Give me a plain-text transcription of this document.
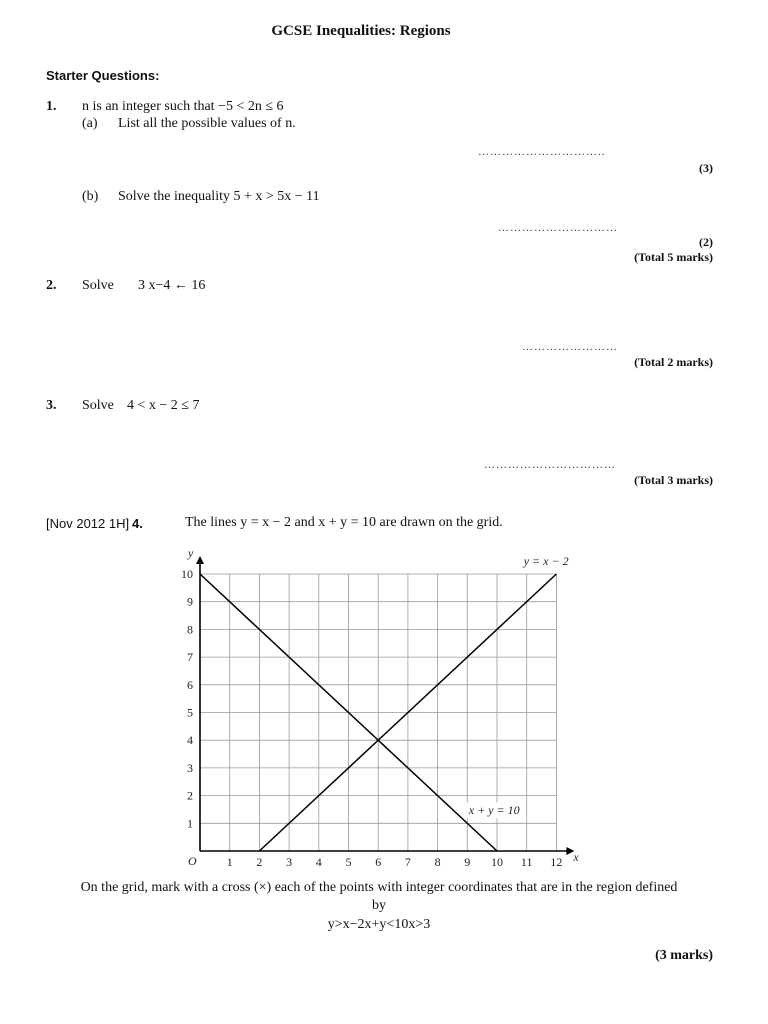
GCSE Inequalities: Regions
Starter Questions:
1. n is an integer such that −5 < 2n ≤ 6
(a) List all the possible values of n.
…………………………..
(3)
(b) Solve the inequality 5 + x > 5x − 11
…………………………
(2)
(Total 5 marks)
2. Solve 3 x−4 ← 16
……………………
(Total 2 marks)
3. Solve 4 < x − 2 ≤ 7
……………………………
(Total 3 marks)
[Nov 2012 1H] 4.	The lines y = x − 2 and x + y = 10 are drawn on the grid.
x
y
O	1 2 3 4 5 6 7 8 9 10 11 12
1
2
3
4
5
6
7
8
9
10
y = x − 2
x + y = 10
On the grid, mark with a cross (×) each of the points with integer coordinates that are in the region defined
by
y>x−2x+y<10x>3
(3 marks)
